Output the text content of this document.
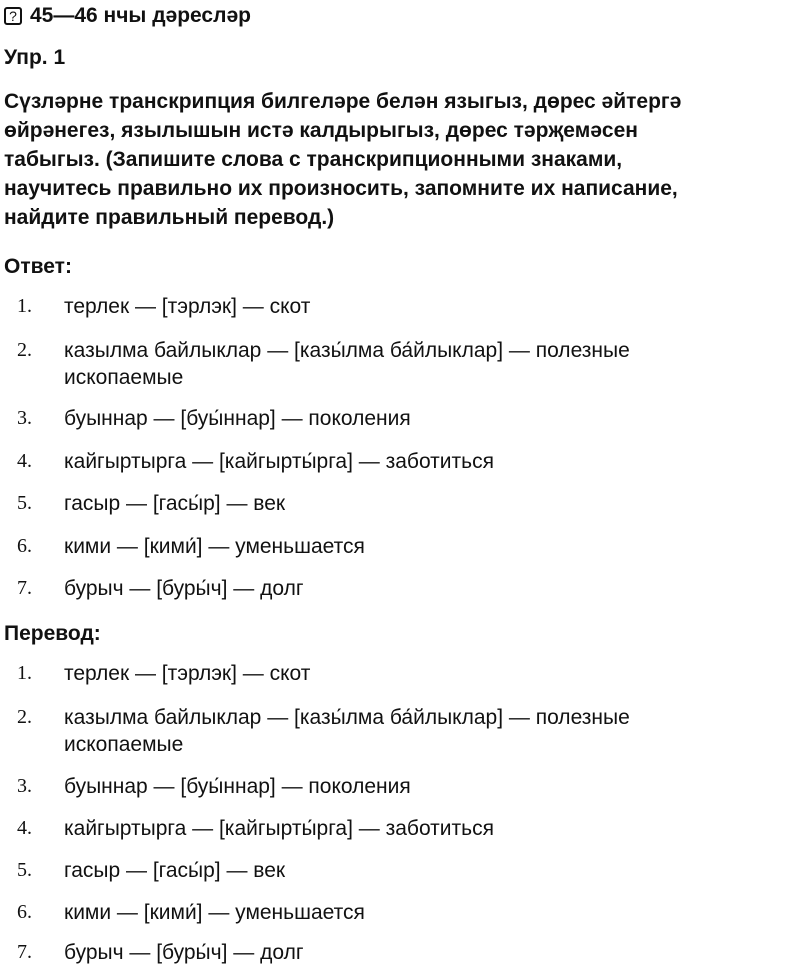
? 45—46 нчы дәресләр
Упр. 1
Сүзләрне транскрипция билгеләре белән языгыз, дөрес әйтергә
өйрәнегез, язылышын истә калдырыгыз, дөрес тәрҗемәсен
табыгыз. (Запишите слова с транскрипционными знаками,
научитесь правильно их произносить, запомните их написание,
найдите правильный перевод.)
Ответ:
1.	терлек — [тэрлэк] — скот
2.	казылма байлыклар — [казы́лма ба́йлыклар] — полезные ископаемые
3.	буыннар — [буы́ннар] — поколения
4.	кайгыртырга — [кайгырты́рга] — заботиться
5.	гасыр — [гасы́р] — век
6.	кими — [кими́] — уменьшается
7.	бурыч — [буры́ч] — долг
Перевод:
1.	терлек — [тэрлэк] — скот
2.	казылма байлыклар — [казы́лма ба́йлыклар] — полезные ископаемые
3.	буыннар — [буы́ннар] — поколения
4.	кайгыртырга — [кайгырты́рга] — заботиться
5.	гасыр — [гасы́р] — век
6.	кими — [кими́] — уменьшается
7.	бурыч — [буры́ч] — долг
